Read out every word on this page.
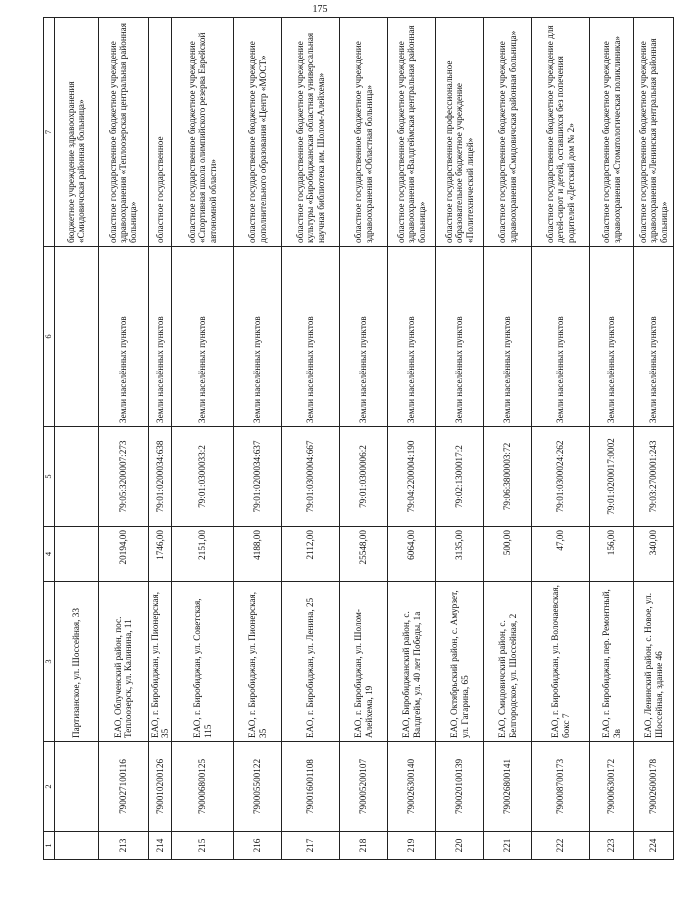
175
1	2	3	4	5	6	7
		Партизанское, ул. Шоссейная, 33				бюджетное учреждение здравоохранения «Смидовичская районная больница»
213	790027100116	ЕАО, Облученский район, пос. Теплоозерск, ул. Калинина, 11	20194,00	79:05:3200007:273	Земли населённых пунктов	областное государственное бюджетное учреждение здравоохранения «Теплоозерская центральная районная больница»
214	790010200126	ЕАО, г. Биробиджан, ул. Пионерская, 35	1746,00	79:01:0200034:638	Земли населённых пунктов	областное государственное
215	790006800125	ЕАО, г. Биробиджан, ул. Советская, 115	2151,00	79:01:0300033:2	Земли населённых пунктов	областное государственное бюджетное учреждение «Спортивная школа олимпийского резерва Еврейской автономной области»
216	790005500122	ЕАО, г. Биробиджан, ул. Пионерская, 35	4188,00	79:01:0200034:637	Земли населённых пунктов	областное государственное бюджетное учреждение дополнительного образования «Центр «МОСТ»
217	790016001108	ЕАО, г. Биробиджан, ул. Ленина, 25	2112,00	79:01:0300004:667	Земли населённых пунктов	областное государственное бюджетное учреждение культуры «Биробиджанская областная универсальная научная библиотека им. Шолом-Алейхема»
218	790005200107	ЕАО, г. Биробиджан, ул. Шолом-Алейхема, 19	25548,00	79:01:0300006:2	Земли населённых пунктов	областное государственное бюджетное учреждение здравоохранения «Областная больница»
219	790026300140	ЕАО, Биробиджанский район, с. Валдгейм, ул. 40 лет Победы, 1а	6064,00	79:04:2200004:190	Земли населённых пунктов	областное государственное бюджетное учреждение здравоохранения «Валдгеймская центральная районная больница»
220	790020100139	ЕАО, Октябрьский район, с. Амурзет, ул. Гагарина, 65	3135,00	79:02:1300017:2	Земли населённых пунктов	областное государственное профессиональное образовательное бюджетное учреждение «Политехнический лицей»
221	790026800141	ЕАО, Смидовичский район, с. Белгородское, ул. Шоссейная, 2	500,00	79:06:3800003:72	Земли населённых пунктов	областное государственное бюджетное учреждение здравоохранения «Смидовичская районная больница»
222	790008700173	ЕАО, г. Биробиджан, ул. Волочаевская, бокс 7	47,00	79:01:0300024:262	Земли населённых пунктов	областное государственное бюджетное учреждение для детей-сирот и детей, оставшихся без попечения родителей «Детский дом № 2»
223	790006300172	ЕАО, г. Биробиджан, пер. Ремонтный, 3в	156,00	79:01:0200017:0002	Земли населённых пунктов	областное государственное бюджетное учреждение здравоохранения «Стоматологическая поликлиника»
224	790026000178	ЕАО, Ленинский район, с. Новое, ул. Шоссейная, здание 46	340,00	79:03:2700001:243	Земли населённых пунктов	областное государственное бюджетное учреждение здравоохранения «Ленинская центральная районная больница»
